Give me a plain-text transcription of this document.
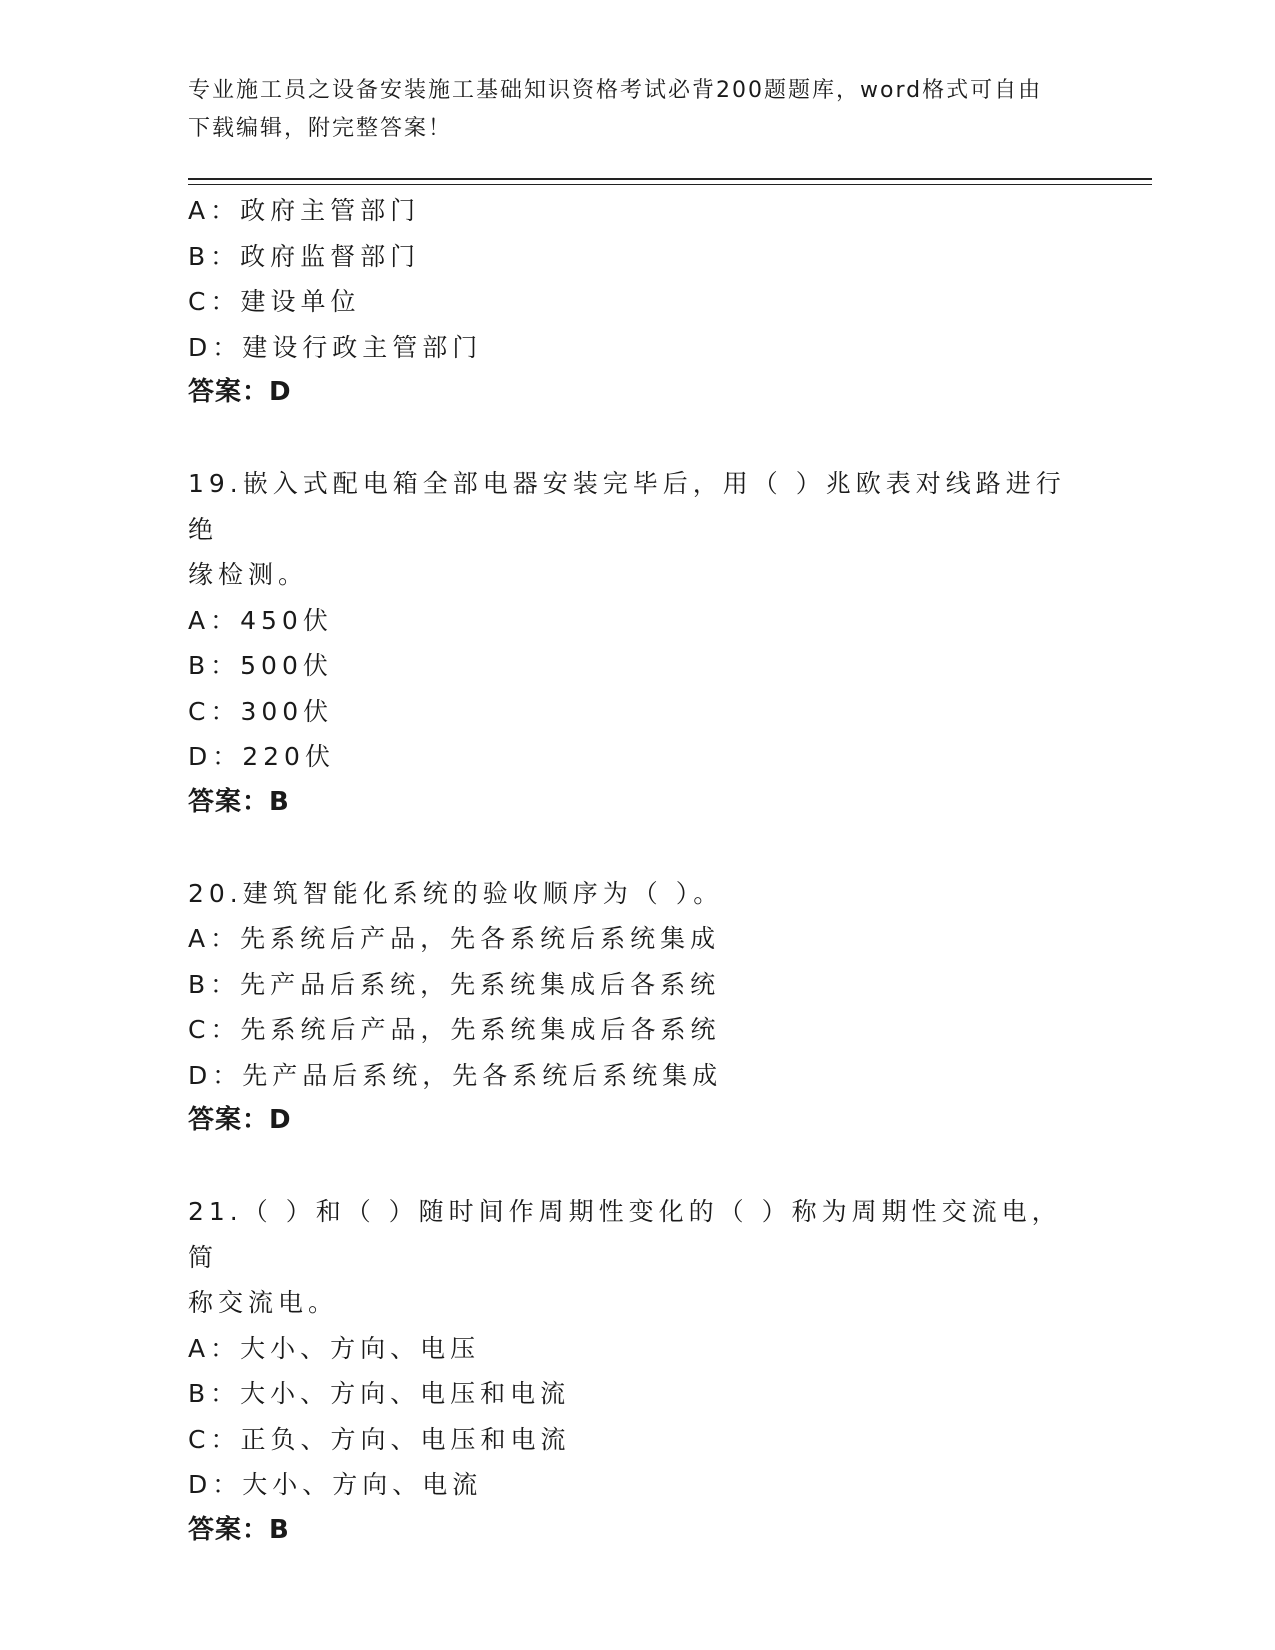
专业施工员之设备安装施工基础知识资格考试必背200题题库，word格式可自由
下载编辑，附完整答案！
A：政府主管部门
B：政府监督部门
C：建设单位
D：建设行政主管部门
答案：D
19.嵌入式配电箱全部电器安装完毕后，用（ ）兆欧表对线路进行绝
缘检测。
A：450伏
B：500伏
C：300伏
D：220伏
答案：B
20.建筑智能化系统的验收顺序为（ ）。
A：先系统后产品，先各系统后系统集成
B：先产品后系统，先系统集成后各系统
C：先系统后产品，先系统集成后各系统
D：先产品后系统，先各系统后系统集成
答案：D
21.（ ）和（ ）随时间作周期性变化的（ ）称为周期性交流电，简
称交流电。
A：大小、方向、电压
B：大小、方向、电压和电流
C：正负、方向、电压和电流
D：大小、方向、电流
答案：B
